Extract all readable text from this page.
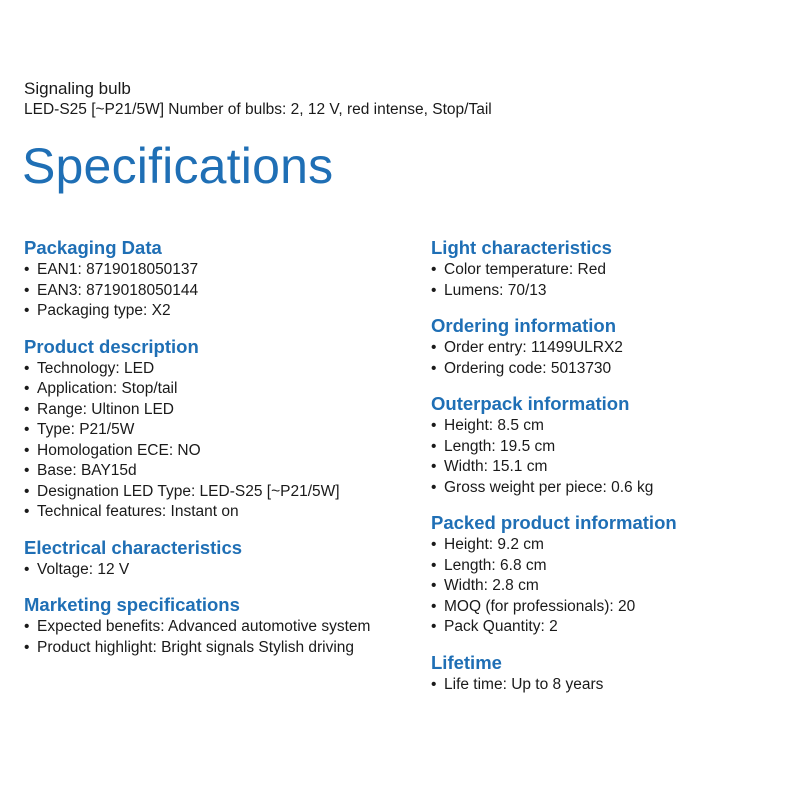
Signaling bulb
LED-S25 [~P21/5W] Number of bulbs: 2, 12 V, red intense, Stop/Tail
Specifications
Packaging Data
• EAN1: 8719018050137
• EAN3: 8719018050144
• Packaging type: X2
Product description
• Technology: LED
• Application: Stop/tail
• Range: Ultinon LED
• Type: P21/5W
• Homologation ECE: NO
• Base: BAY15d
• Designation LED Type: LED-S25 [~P21/5W]
• Technical features: Instant on
Electrical characteristics
• Voltage: 12 V
Marketing specifications
• Expected benefits: Advanced automotive system
• Product highlight: Bright signals Stylish driving
Light characteristics
• Color temperature: Red
• Lumens: 70/13
Ordering information
• Order entry: 11499ULRX2
• Ordering code: 5013730
Outerpack information
• Height: 8.5 cm
• Length: 19.5 cm
• Width: 15.1 cm
• Gross weight per piece: 0.6 kg
Packed product information
• Height: 9.2 cm
• Length: 6.8 cm
• Width: 2.8 cm
• MOQ (for professionals): 20
• Pack Quantity: 2
Lifetime
• Life time: Up to 8 years
